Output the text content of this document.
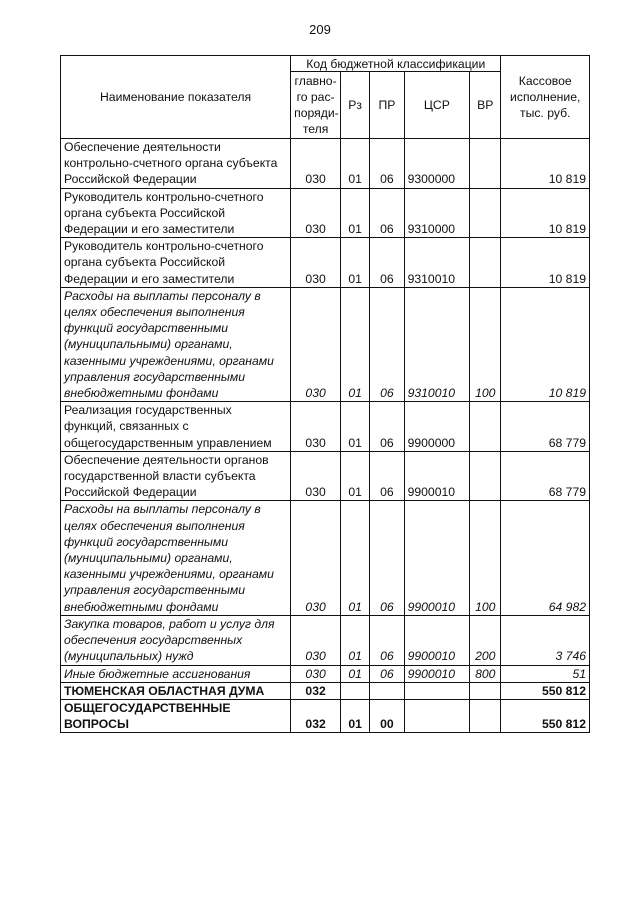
209
Наименование показателя	Код бюджетной классификации					Кассовое исполнение, тыс. руб.
	главно-го рас-поряди-теля	Рз	ПР	ЦСР	ВР	
Обеспечение деятельности контрольно-счетного органа субъекта Российской Федерации	030	01	06	9300000		10 819
Руководитель контрольно-счетного органа субъекта Российской Федерации и его заместители	030	01	06	9310000		10 819
Руководитель контрольно-счетного органа субъекта Российской Федерации и его заместители	030	01	06	9310010		10 819
Расходы на выплаты персоналу в целях обеспечения выполнения функций государственными (муниципальными) органами, казенными учреждениями, органами управления государственными внебюджетными фондами	030	01	06	9310010	100	10 819
Реализация государственных функций, связанных с общегосударственным управлением	030	01	06	9900000		68 779
Обеспечение деятельности органов государственной власти субъекта Российской Федерации	030	01	06	9900010		68 779
Расходы на выплаты персоналу в целях обеспечения выполнения функций государственными (муниципальными) органами, казенными учреждениями, органами управления государственными внебюджетными фондами	030	01	06	9900010	100	64 982
Закупка товаров, работ и услуг для обеспечения государственных (муниципальных) нужд	030	01	06	9900010	200	3 746
Иные бюджетные ассигнования	030	01	06	9900010	800	51
ТЮМЕНСКАЯ ОБЛАСТНАЯ ДУМА	032					550 812
ОБЩЕГОСУДАРСТВЕННЫЕ ВОПРОСЫ	032	01	00			550 812
